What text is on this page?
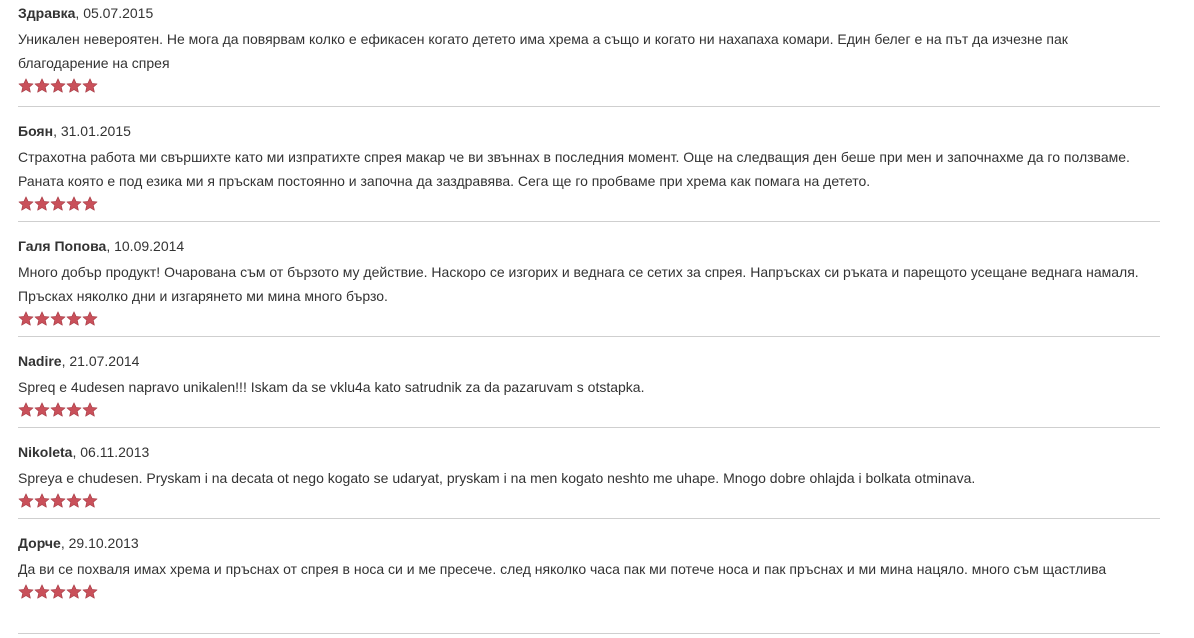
Здравка, 05.07.2015
Уникален невероятен. Не мога да повярвам колко е ефикасен когато детето има хрема а също и когато ни нахапаха комари. Един белег е на път да изчезне пак благодарение на спрея
Боян, 31.01.2015
Страхотна работа ми свършихте като ми изпратихте спрея макар че ви звъннах в последния момент. Още на следващия ден беше при мен и започнахме да го ползваме. Раната която е под езика ми я пръскам постоянно и започна да заздравява. Сега ще го пробваме при хрема как помага на детето.
Галя Попова, 10.09.2014
Много добър продукт! Очарована съм от бързото му действие. Наскоро се изгорих и веднага се сетих за спрея. Напръсках си ръката и парещото усещане веднага намаля. Пръсках няколко дни и изгарянето ми мина много бързо.
Nadire, 21.07.2014
Spreq e 4udesen napravo unikalen!!! Iskam da se vklu4a kato satrudnik za da pazaruvam s otstapka.
Nikoleta, 06.11.2013
Spreya e chudesen. Pryskam i na decata ot nego kogato se udaryat, pryskam i na men kogato neshto me uhape. Mnogo dobre ohlajda i bolkata otminava.
Дорче, 29.10.2013
Да ви се похваля имах хрема и пръснах от спрея в носа си и ме пресече. след няколко часа пак ми потече носа и пак пръснах и ми мина нацяло. много съм щастлива
